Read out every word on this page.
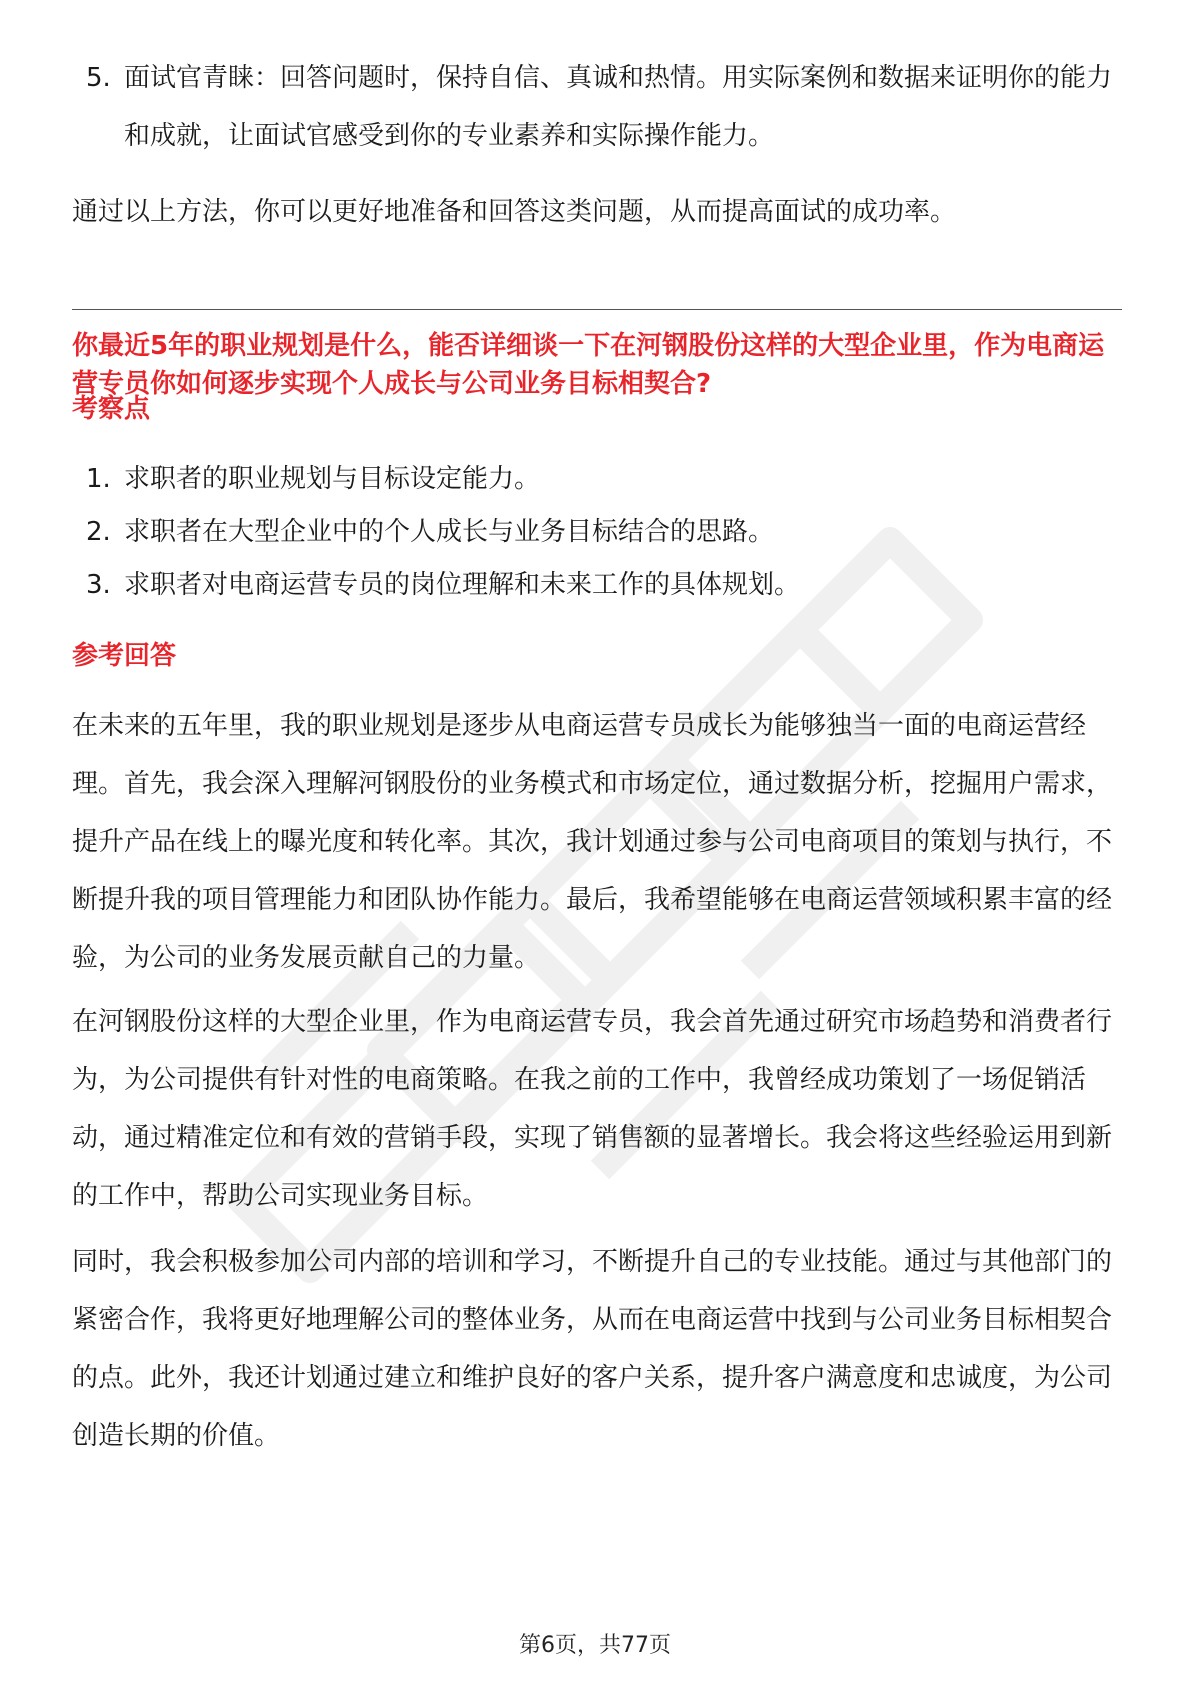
5. 面试官青睐：回答问题时，保持自信、真诚和热情。用实际案例和数据来证明你的能力和成就，让面试官感受到你的专业素养和实际操作能力。

通过以上方法，你可以更好地准备和回答这类问题，从而提高面试的成功率。

你最近5年的职业规划是什么，能否详细谈一下在河钢股份这样的大型企业里，作为电商运营专员你如何逐步实现个人成长与公司业务目标相契合?

考察点

1. 求职者的职业规划与目标设定能力。
2. 求职者在大型企业中的个人成长与业务目标结合的思路。
3. 求职者对电商运营专员的岗位理解和未来工作的具体规划。

参考回答

在未来的五年里，我的职业规划是逐步从电商运营专员成长为能够独当一面的电商运营经理。首先，我会深入理解河钢股份的业务模式和市场定位，通过数据分析，挖掘用户需求，提升产品在线上的曝光度和转化率。其次，我计划通过参与公司电商项目的策划与执行，不断提升我的项目管理能力和团队协作能力。最后，我希望能够在电商运营领域积累丰富的经验，为公司的业务发展贡献自己的力量。

在河钢股份这样的大型企业里，作为电商运营专员，我会首先通过研究市场趋势和消费者行为，为公司提供有针对性的电商策略。在我之前的工作中，我曾经成功策划了一场促销活动，通过精准定位和有效的营销手段，实现了销售额的显著增长。我会将这些经验运用到新的工作中，帮助公司实现业务目标。

同时，我会积极参加公司内部的培训和学习，不断提升自己的专业技能。通过与其他部门的紧密合作，我将更好地理解公司的整体业务，从而在电商运营中找到与公司业务目标相契合的点。此外，我还计划通过建立和维护良好的客户关系，提升客户满意度和忠诚度，为公司创造长期的价值。

第6页，共77页
